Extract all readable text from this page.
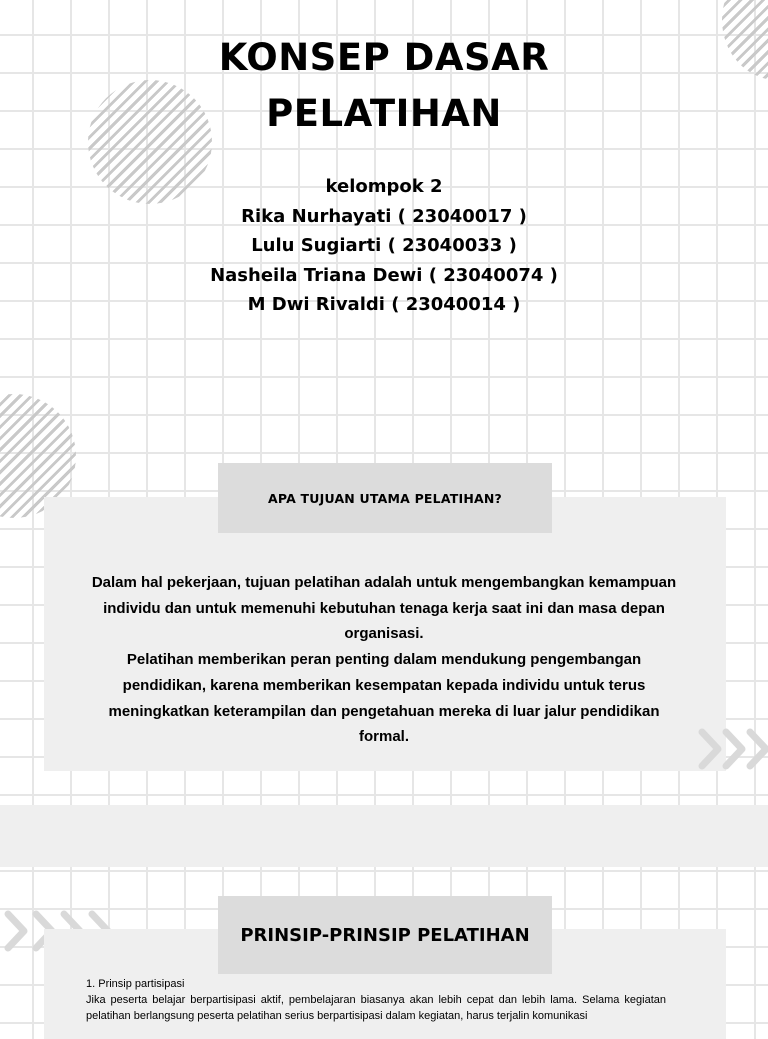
KONSEP DASAR
PELATIHAN
kelompok 2
Rika Nurhayati ( 23040017 )
Lulu Sugiarti ( 23040033 )
Nasheila Triana Dewi ( 23040074 )
M Dwi Rivaldi ( 23040014 )
APA TUJUAN UTAMA PELATIHAN?

Dalam hal pekerjaan, tujuan pelatihan adalah untuk mengembangkan kemampuan individu dan untuk memenuhi kebutuhan tenaga kerja saat ini dan masa depan organisasi.

Pelatihan memberikan peran penting dalam mendukung pengembangan pendidikan, karena memberikan kesempatan kepada individu untuk terus meningkatkan keterampilan dan pengetahuan mereka di luar jalur pendidikan formal.

PRINSIP-PRINSIP PELATIHAN
1. Prinsip partisipasi
Jika peserta belajar berpartisipasi aktif, pembelajaran biasanya akan lebih cepat dan lebih lama. Selama kegiatan pelatihan berlangsung peserta pelatihan serius berpartisipasi dalam kegiatan, harus terjalin komunikasi
